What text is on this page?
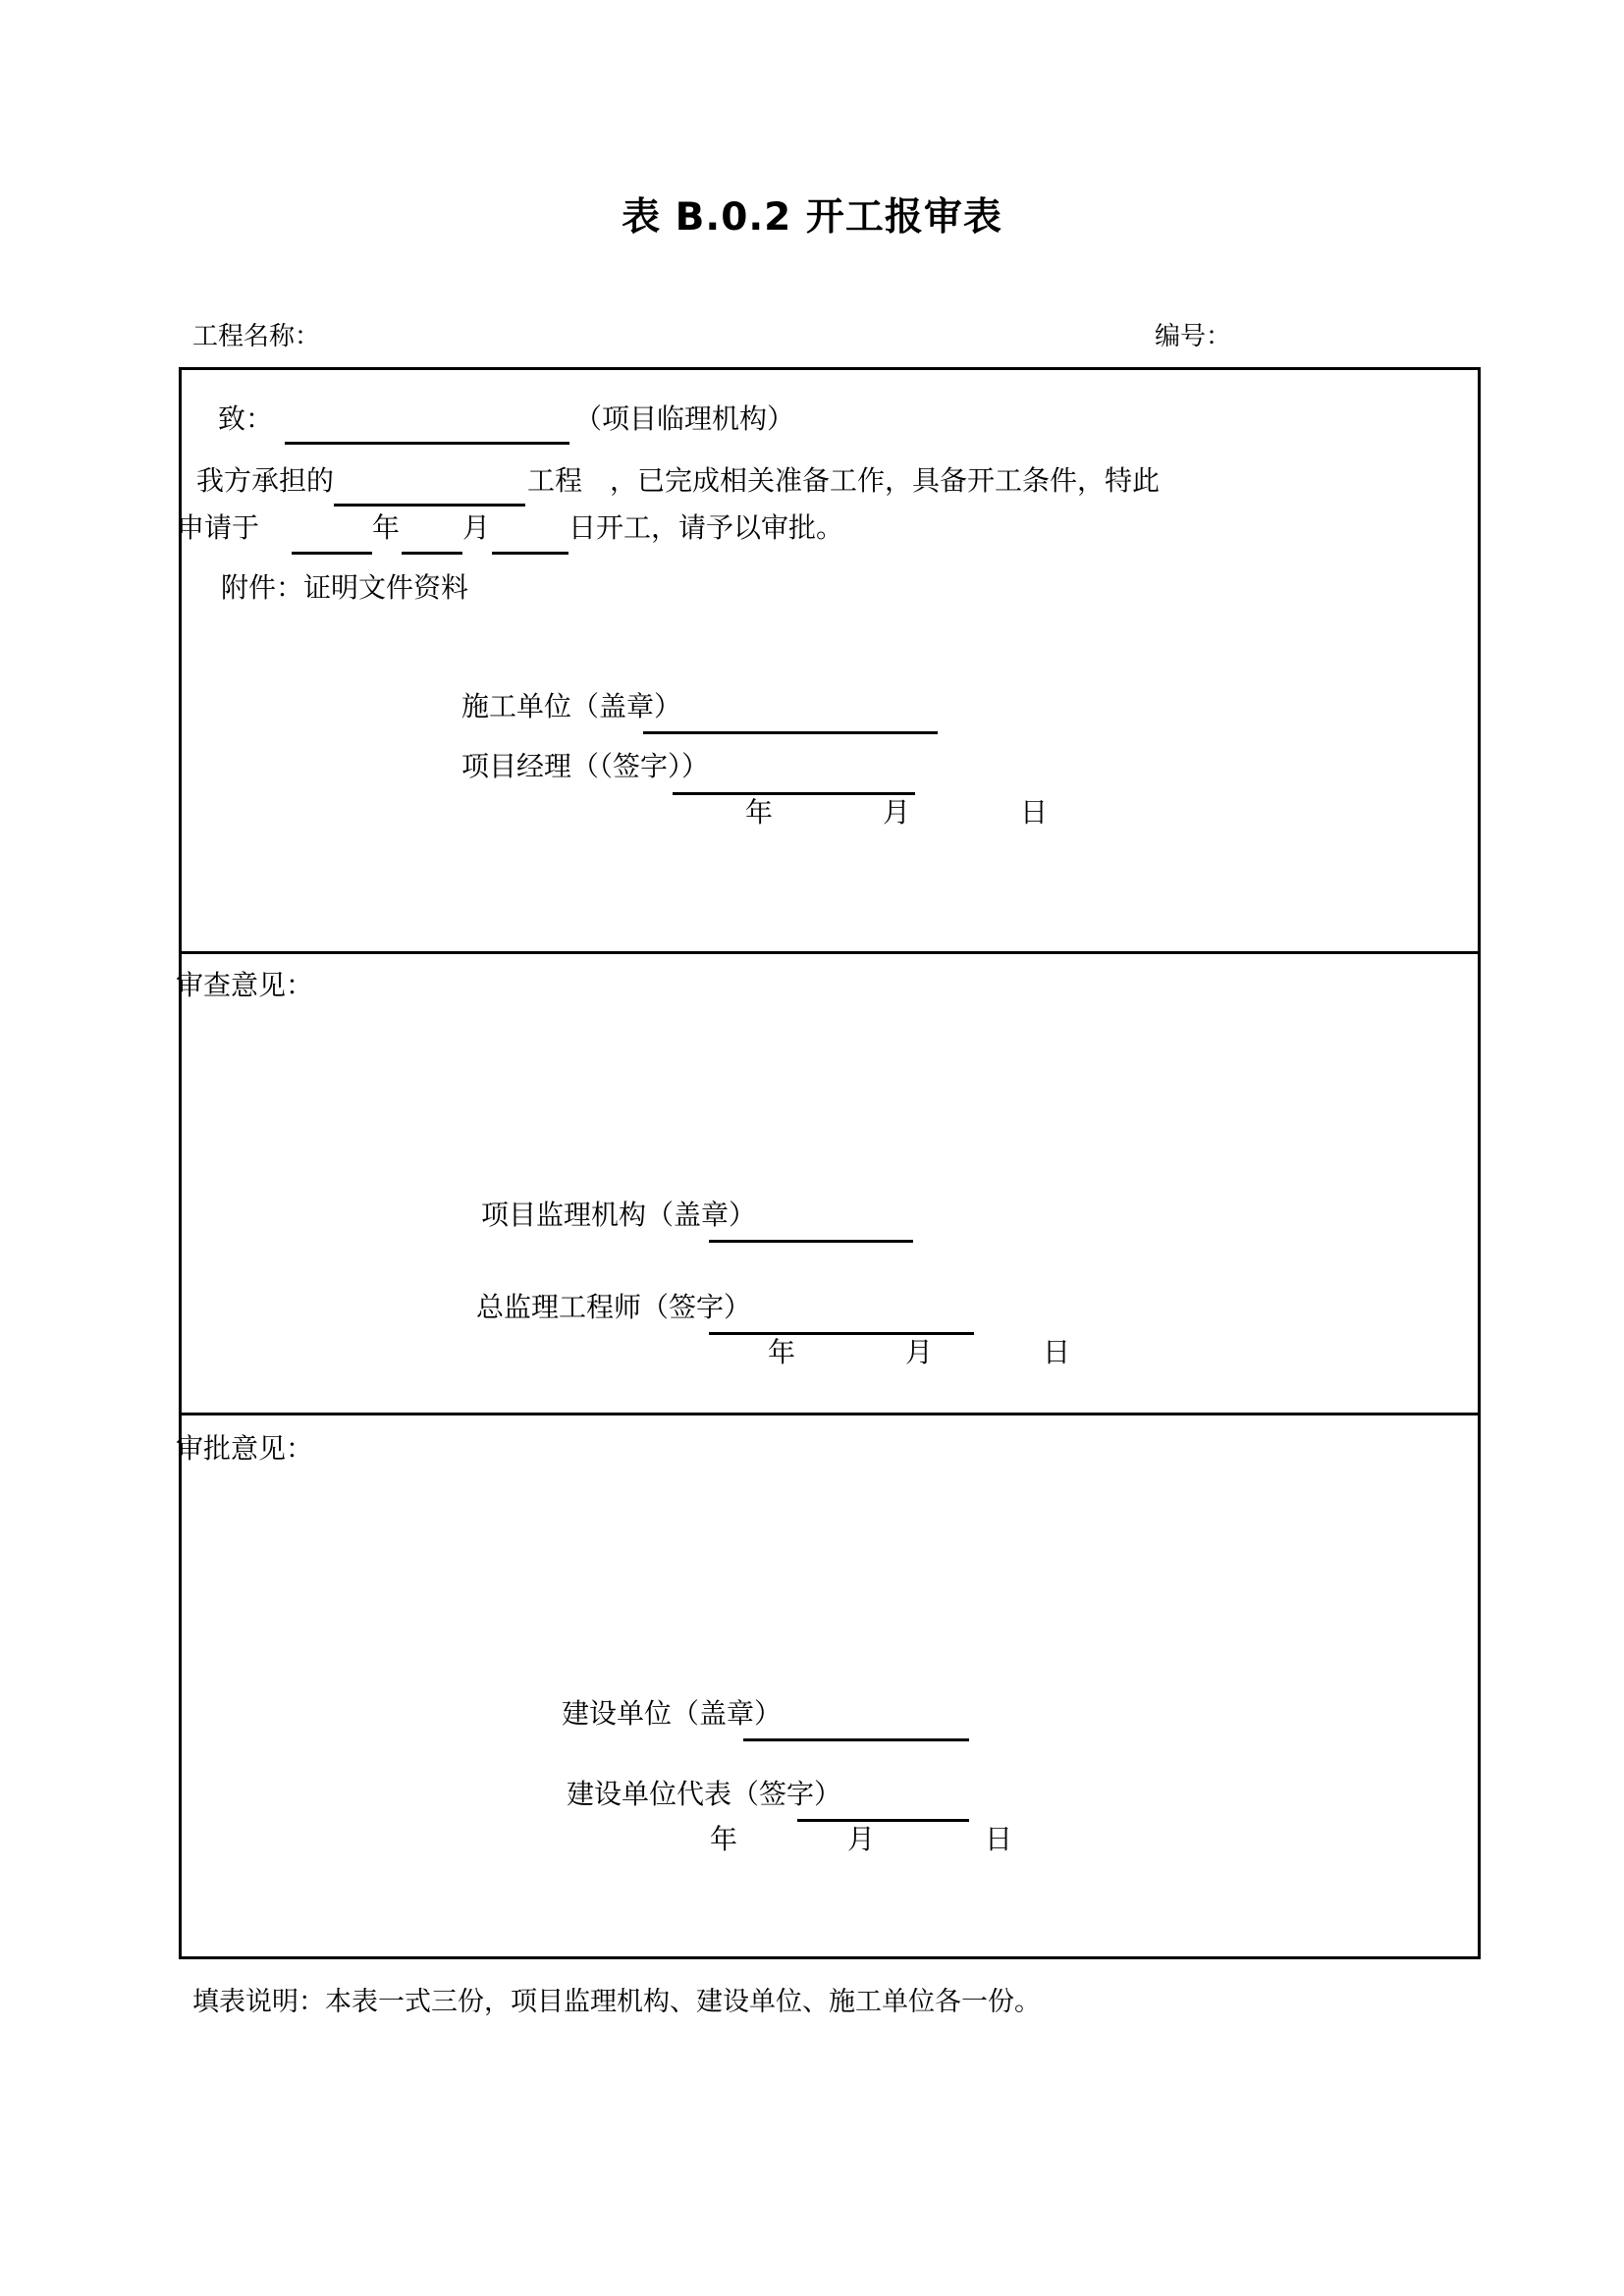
表 B.0.2 开工报审表
工程名称：	编号：
致：	（项目临理机构）
我方承担的	工程　，已完成相关准备工作，具备开工条件，特此
申请于	年 月	日开工，请予以审批。
附件：证明文件资料
施工单位（盖章）
项目经理（（签字））
年　　　　月　　　　日
审查意见：
项目监理机构（盖章）
总监理工程师（签字）
年　　　　月　　　　日
审批意见：
建设单位（盖章）
建设单位代表（签字）
年　　　　月　　　　日
填表说明：本表一式三份，项目监理机构、建设单位、施工单位各一份。
